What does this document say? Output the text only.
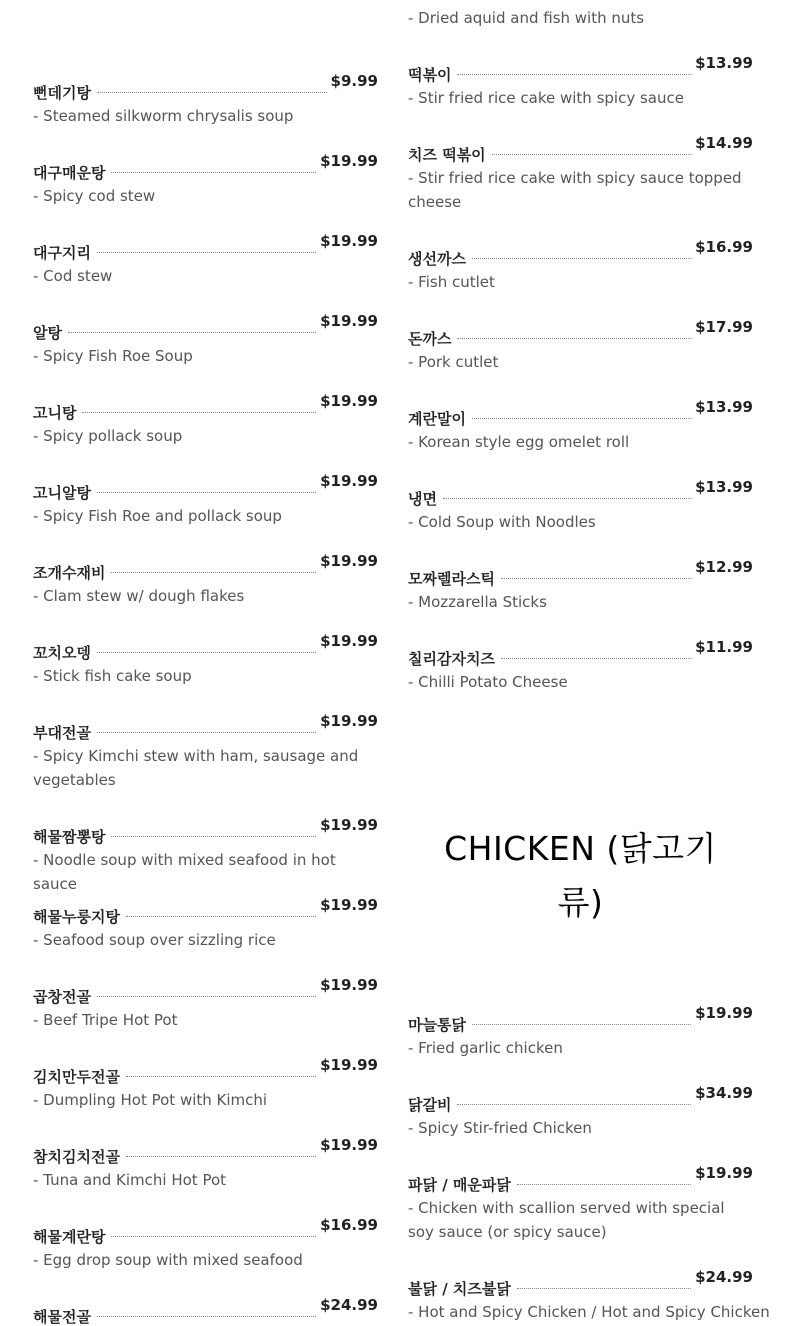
뻔데기탕
$9.99
- Steamed silkworm chrysalis soup
대구매운탕
$19.99
- Spicy cod stew
대구지리
$19.99
- Cod stew
알탕
$19.99
- Spicy Fish Roe Soup
고니탕
$19.99
- Spicy pollack soup
고니알탕
$19.99
- Spicy Fish Roe and pollack soup
조개수재비
$19.99
- Clam stew w/ dough flakes
꼬치오뎅
$19.99
- Stick fish cake soup
부대전골
$19.99
- Spicy Kimchi stew with ham, sausage and vegetables
해물짬뽕탕
$19.99
- Noodle soup with mixed seafood in hot sauce
해물누룽지탕
$19.99
- Seafood soup over sizzling rice
곱창전골
$19.99
- Beef Tripe Hot Pot
김치만두전골
$19.99
- Dumpling Hot Pot with Kimchi
참치김치전골
$19.99
- Tuna and Kimchi Hot Pot
해물계란탕
$16.99
- Egg drop soup with mixed seafood
해물전골
$24.99
- Dried aquid and fish with nuts
떡볶이
$13.99
- Stir fried rice cake with spicy sauce
치즈 떡볶이
$14.99
- Stir fried rice cake with spicy sauce topped cheese
생선까스
$16.99
- Fish cutlet
돈까스
$17.99
- Pork cutlet
계란말이
$13.99
- Korean style egg omelet roll
냉면
$13.99
- Cold Soup with Noodles
모짜렐라스틱
$12.99
- Mozzarella Sticks
칠리감자치즈
$11.99
- Chilli Potato Cheese
마늘통닭
$19.99
- Fried garlic chicken
닭갈비
$34.99
- Spicy Stir-fried Chicken
파닭 / 매운파닭
$19.99
- Chicken with scallion served with special soy sauce (or spicy sauce)
불닭 / 치즈불닭
$24.99
- Hot and Spicy Chicken / Hot and Spicy Chicken
CHICKEN (닭고기
류)
